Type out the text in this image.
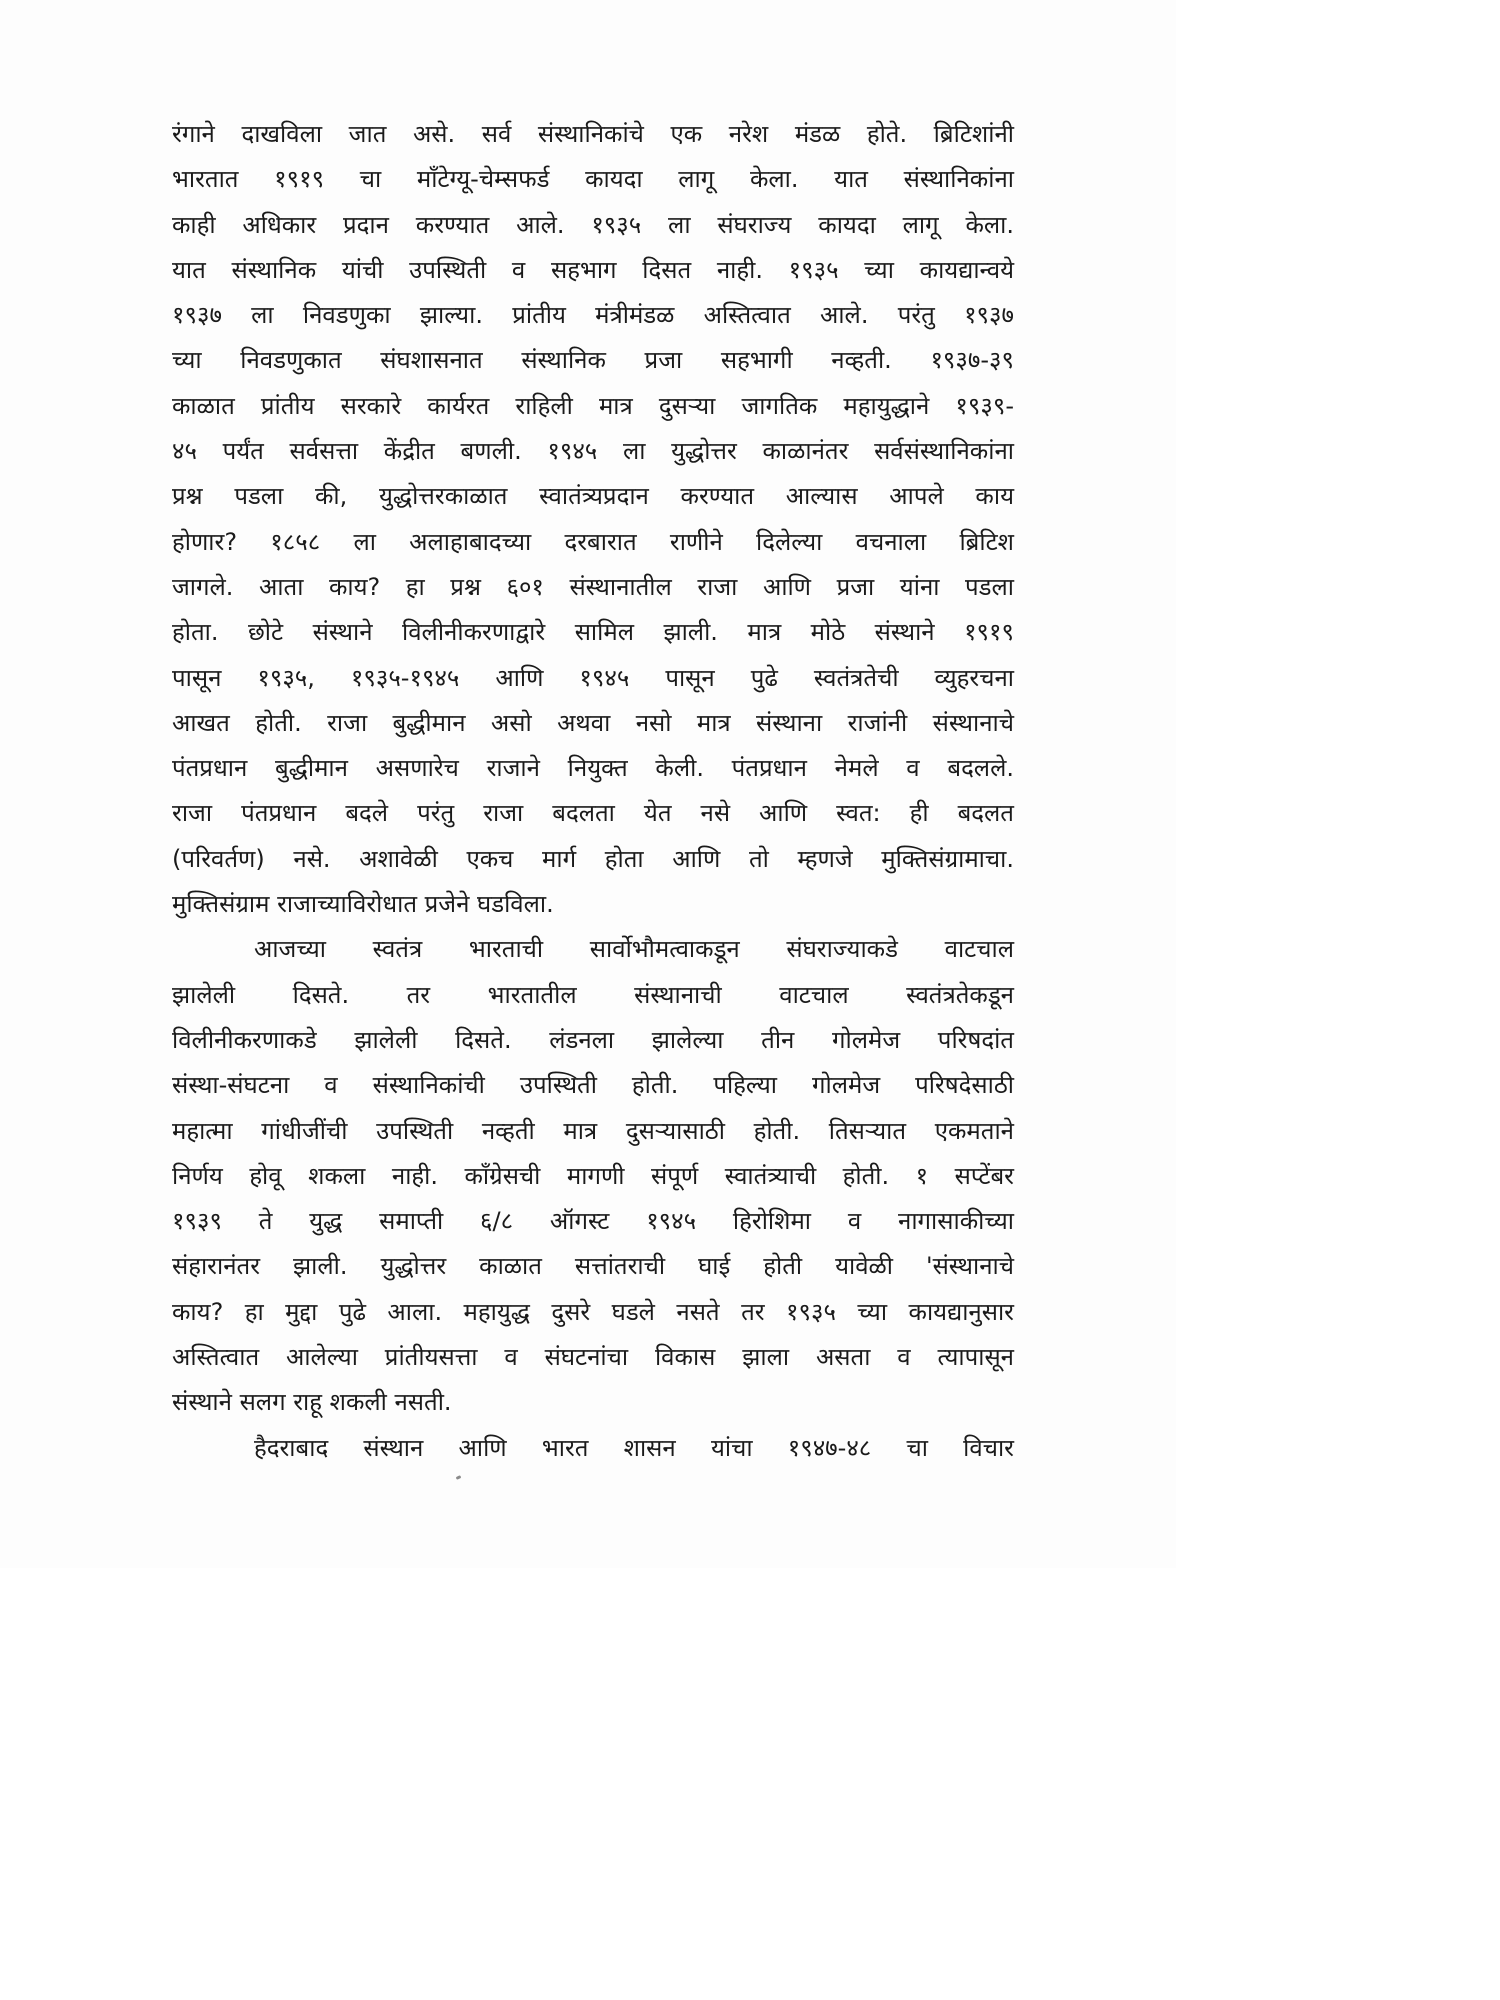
रंगाने दाखविला जात असे. सर्व संस्थानिकांचे एक नरेश मंडळ होते. ब्रिटिशांनी
भारतात १९१९ चा माँटेग्यू-चेम्सफर्ड कायदा लागू केला. यात संस्थानिकांना
काही अधिकार प्रदान करण्यात आले. १९३५ ला संघराज्य कायदा लागू केला.
यात संस्थानिक यांची उपस्थिती व सहभाग दिसत नाही. १९३५ च्या कायद्यान्वये
१९३७ ला निवडणुका झाल्या. प्रांतीय मंत्रीमंडळ अस्तित्वात आले. परंतु १९३७
च्या निवडणुकात संघशासनात संस्थानिक प्रजा सहभागी नव्हती. १९३७-३९
काळात प्रांतीय सरकारे कार्यरत राहिली मात्र दुसऱ्या जागतिक महायुद्धाने १९३९-
४५ पर्यंत सर्वसत्ता केंद्रीत बणली. १९४५ ला युद्धोत्तर काळानंतर सर्वसंस्थानिकांना
प्रश्न पडला की, युद्धोत्तरकाळात स्वातंत्र्यप्रदान करण्यात आल्यास आपले काय
होणार? १८५८ ला अलाहाबादच्या दरबारात राणीने दिलेल्या वचनाला ब्रिटिश
जागले. आता काय? हा प्रश्न ६०१ संस्थानातील राजा आणि प्रजा यांना पडला
होता. छोटे संस्थाने विलीनीकरणाद्वारे सामिल झाली. मात्र मोठे संस्थाने १९१९
पासून १९३५, १९३५-१९४५ आणि १९४५ पासून पुढे स्वतंत्रतेची व्युहरचना
आखत होती. राजा बुद्धीमान असो अथवा नसो मात्र संस्थाना राजांनी संस्थानाचे
पंतप्रधान बुद्धीमान असणारेच राजाने नियुक्त केली. पंतप्रधान नेमले व बदलले.
राजा पंतप्रधान बदले परंतु राजा बदलता येत नसे आणि स्वत: ही बदलत
(परिवर्तण) नसे. अशावेळी एकच मार्ग होता आणि तो म्हणजे मुक्तिसंग्रामाचा.
मुक्तिसंग्राम राजाच्याविरोधात प्रजेने घडविला.
आजच्या स्वतंत्र भारताची सार्वोभौमत्वाकडून संघराज्याकडे वाटचाल
झालेली दिसते. तर भारतातील संस्थानाची वाटचाल स्वतंत्रतेकडून
विलीनीकरणाकडे झालेली दिसते. लंडनला झालेल्या तीन गोलमेज परिषदांत
संस्था-संघटना व संस्थानिकांची उपस्थिती होती. पहिल्या गोलमेज परिषदेसाठी
महात्मा गांधीजींची उपस्थिती नव्हती मात्र दुसऱ्यासाठी होती. तिसऱ्यात एकमताने
निर्णय होवू शकला नाही. काँग्रेसची मागणी संपूर्ण स्वातंत्र्याची होती. १ सप्टेंबर
१९३९ ते युद्ध समाप्ती ६/८ ऑगस्ट १९४५ हिरोशिमा व नागासाकीच्या
संहारानंतर झाली. युद्धोत्तर काळात सत्तांतराची घाई होती यावेळी 'संस्थानाचे
काय? हा मुद्दा पुढे आला. महायुद्ध दुसरे घडले नसते तर १९३५ च्या कायद्यानुसार
अस्तित्वात आलेल्या प्रांतीयसत्ता व संघटनांचा विकास झाला असता व त्यापासून
संस्थाने सलग राहू शकली नसती.
हैदराबाद संस्थान आणि भारत शासन यांचा १९४७-४८ चा विचार
